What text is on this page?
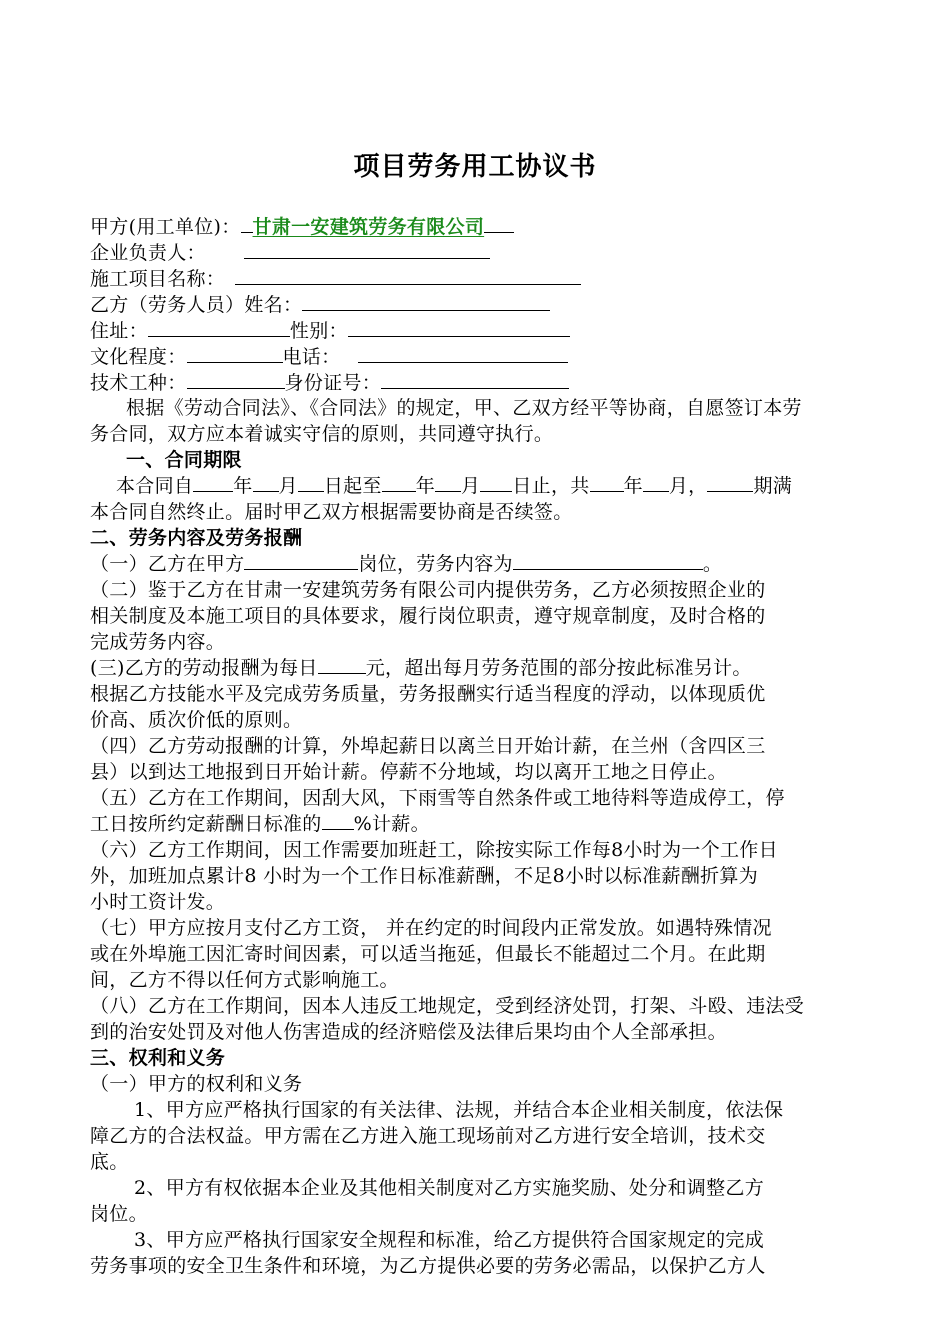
项目劳务用工协议书
甲方(用工单位)： 甘肃一安建筑劳务有限公司
企业负责人：
施工项目名称：
乙方（劳务人员）姓名：
住址：	性别：
文化程度：	电话：
技术工种：	身份证号：
根据《劳动合同法》、《合同法》的规定，甲、乙双方经平等协商，自愿签订本劳
务合同，双方应本着诚实守信的原则，共同遵守执行。
一、合同期限
本合同自 年 月 日起至 年 月 日止，共 年 月， 期满
本合同自然终止。届时甲乙双方根据需要协商是否续签。
二、劳务内容及劳务报酬
（一）乙方在甲方	岗位，劳务内容为	。
（二）鉴于乙方在甘肃一安建筑劳务有限公司内提供劳务，乙方必须按照企业的
相关制度及本施工项目的具体要求，履行岗位职责，遵守规章制度，及时合格的
完成劳务内容。
(三)乙方的劳动报酬为每日	元，超出每月劳务范围的部分按此标准另计。
根据乙方技能水平及完成劳务质量，劳务报酬实行适当程度的浮动，以体现质优
价高、质次价低的原则。
（四）乙方劳动报酬的计算，外埠起薪日以离兰日开始计薪，在兰州（含四区三
县）以到达工地报到日开始计薪。停薪不分地域，均以离开工地之日停止。
（五）乙方在工作期间，因刮大风，下雨雪等自然条件或工地待料等造成停工，停
工日按所约定薪酬日标准的 %计薪。
（六）乙方工作期间，因工作需要加班赶工，除按实际工作每8小时为一个工作日
外，加班加点累计8 小时为一个工作日标准薪酬，不足8小时以标准薪酬折算为
小时工资计发。
（七）甲方应按月支付乙方工资， 并在约定的时间段内正常发放。如遇特殊情况
或在外埠施工因汇寄时间因素，可以适当拖延，但最长不能超过二个月。在此期
间，乙方不得以任何方式影响施工。
（八）乙方在工作期间，因本人违反工地规定，受到经济处罚，打架、斗殴、违法受
到的治安处罚及对他人伤害造成的经济赔偿及法律后果均由个人全部承担。
三、权利和义务
（一）甲方的权利和义务
1、甲方应严格执行国家的有关法律、法规，并结合本企业相关制度，依法保
障乙方的合法权益。甲方需在乙方进入施工现场前对乙方进行安全培训，技术交
底。
2、甲方有权依据本企业及其他相关制度对乙方实施奖励、处分和调整乙方
岗位。
3、甲方应严格执行国家安全规程和标准，给乙方提供符合国家规定的完成
劳务事项的安全卫生条件和环境，为乙方提供必要的劳务必需品，以保护乙方人
